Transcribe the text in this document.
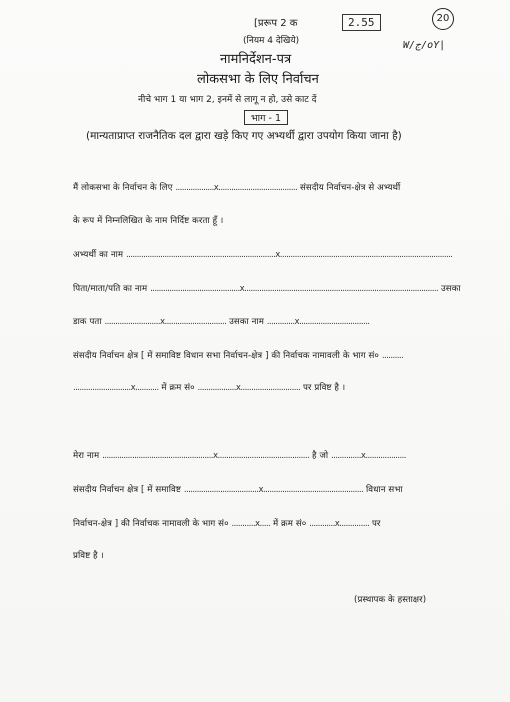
2.55	20
W/ج/oY|
[प्ररूप 2 क
(नियम 4 देखिये)
नामनिर्देशन-पत्र
लोकसभा के लिए निर्वाचन
नीचे भाग 1 या भाग 2, इनमें से लागू न हो, उसे काट दें
भाग - 1
(मान्यताप्राप्त राजनैतिक दल द्वारा खड़े किए गए अभ्यर्थी द्वारा उपयोग किया जाना है)
मैं लोकसभा के निर्वाचन के लिए ..................x..................................... संसदीय निर्वाचन-क्षेत्र से अभ्यर्थी
के रूप में निम्नलिखित के नाम निर्दिष्ट करता हूँ ।
अभ्यर्थी का नाम ......................................................................x.................................................................................
पिता/माता/पति का नाम ..........................................x........................................................................................... उसका
डाक पता ..........................x............................. उसका नाम .............x.................................
संसदीय निर्वाचन क्षेत्र [ में समाविष्ट विधान सभा निर्वाचन-क्षेत्र ] की निर्वाचक नामावली के भाग सं० ..........
...........................x........... में क्रम सं० ..................x............................ पर प्रविष्ट है ।
मेरा नाम ....................................................x........................................... है जो ..............x...................
संसदीय निर्वाचन क्षेत्र [ में समाविष्ट ...................................x............................................... विधान सभा
निर्वाचन-क्षेत्र ] की निर्वाचक नामावली के भाग सं० ...........x..... में क्रम सं० ............x.............. पर
प्रविष्ट है ।
(प्रस्थापक के हस्ताक्षर)
